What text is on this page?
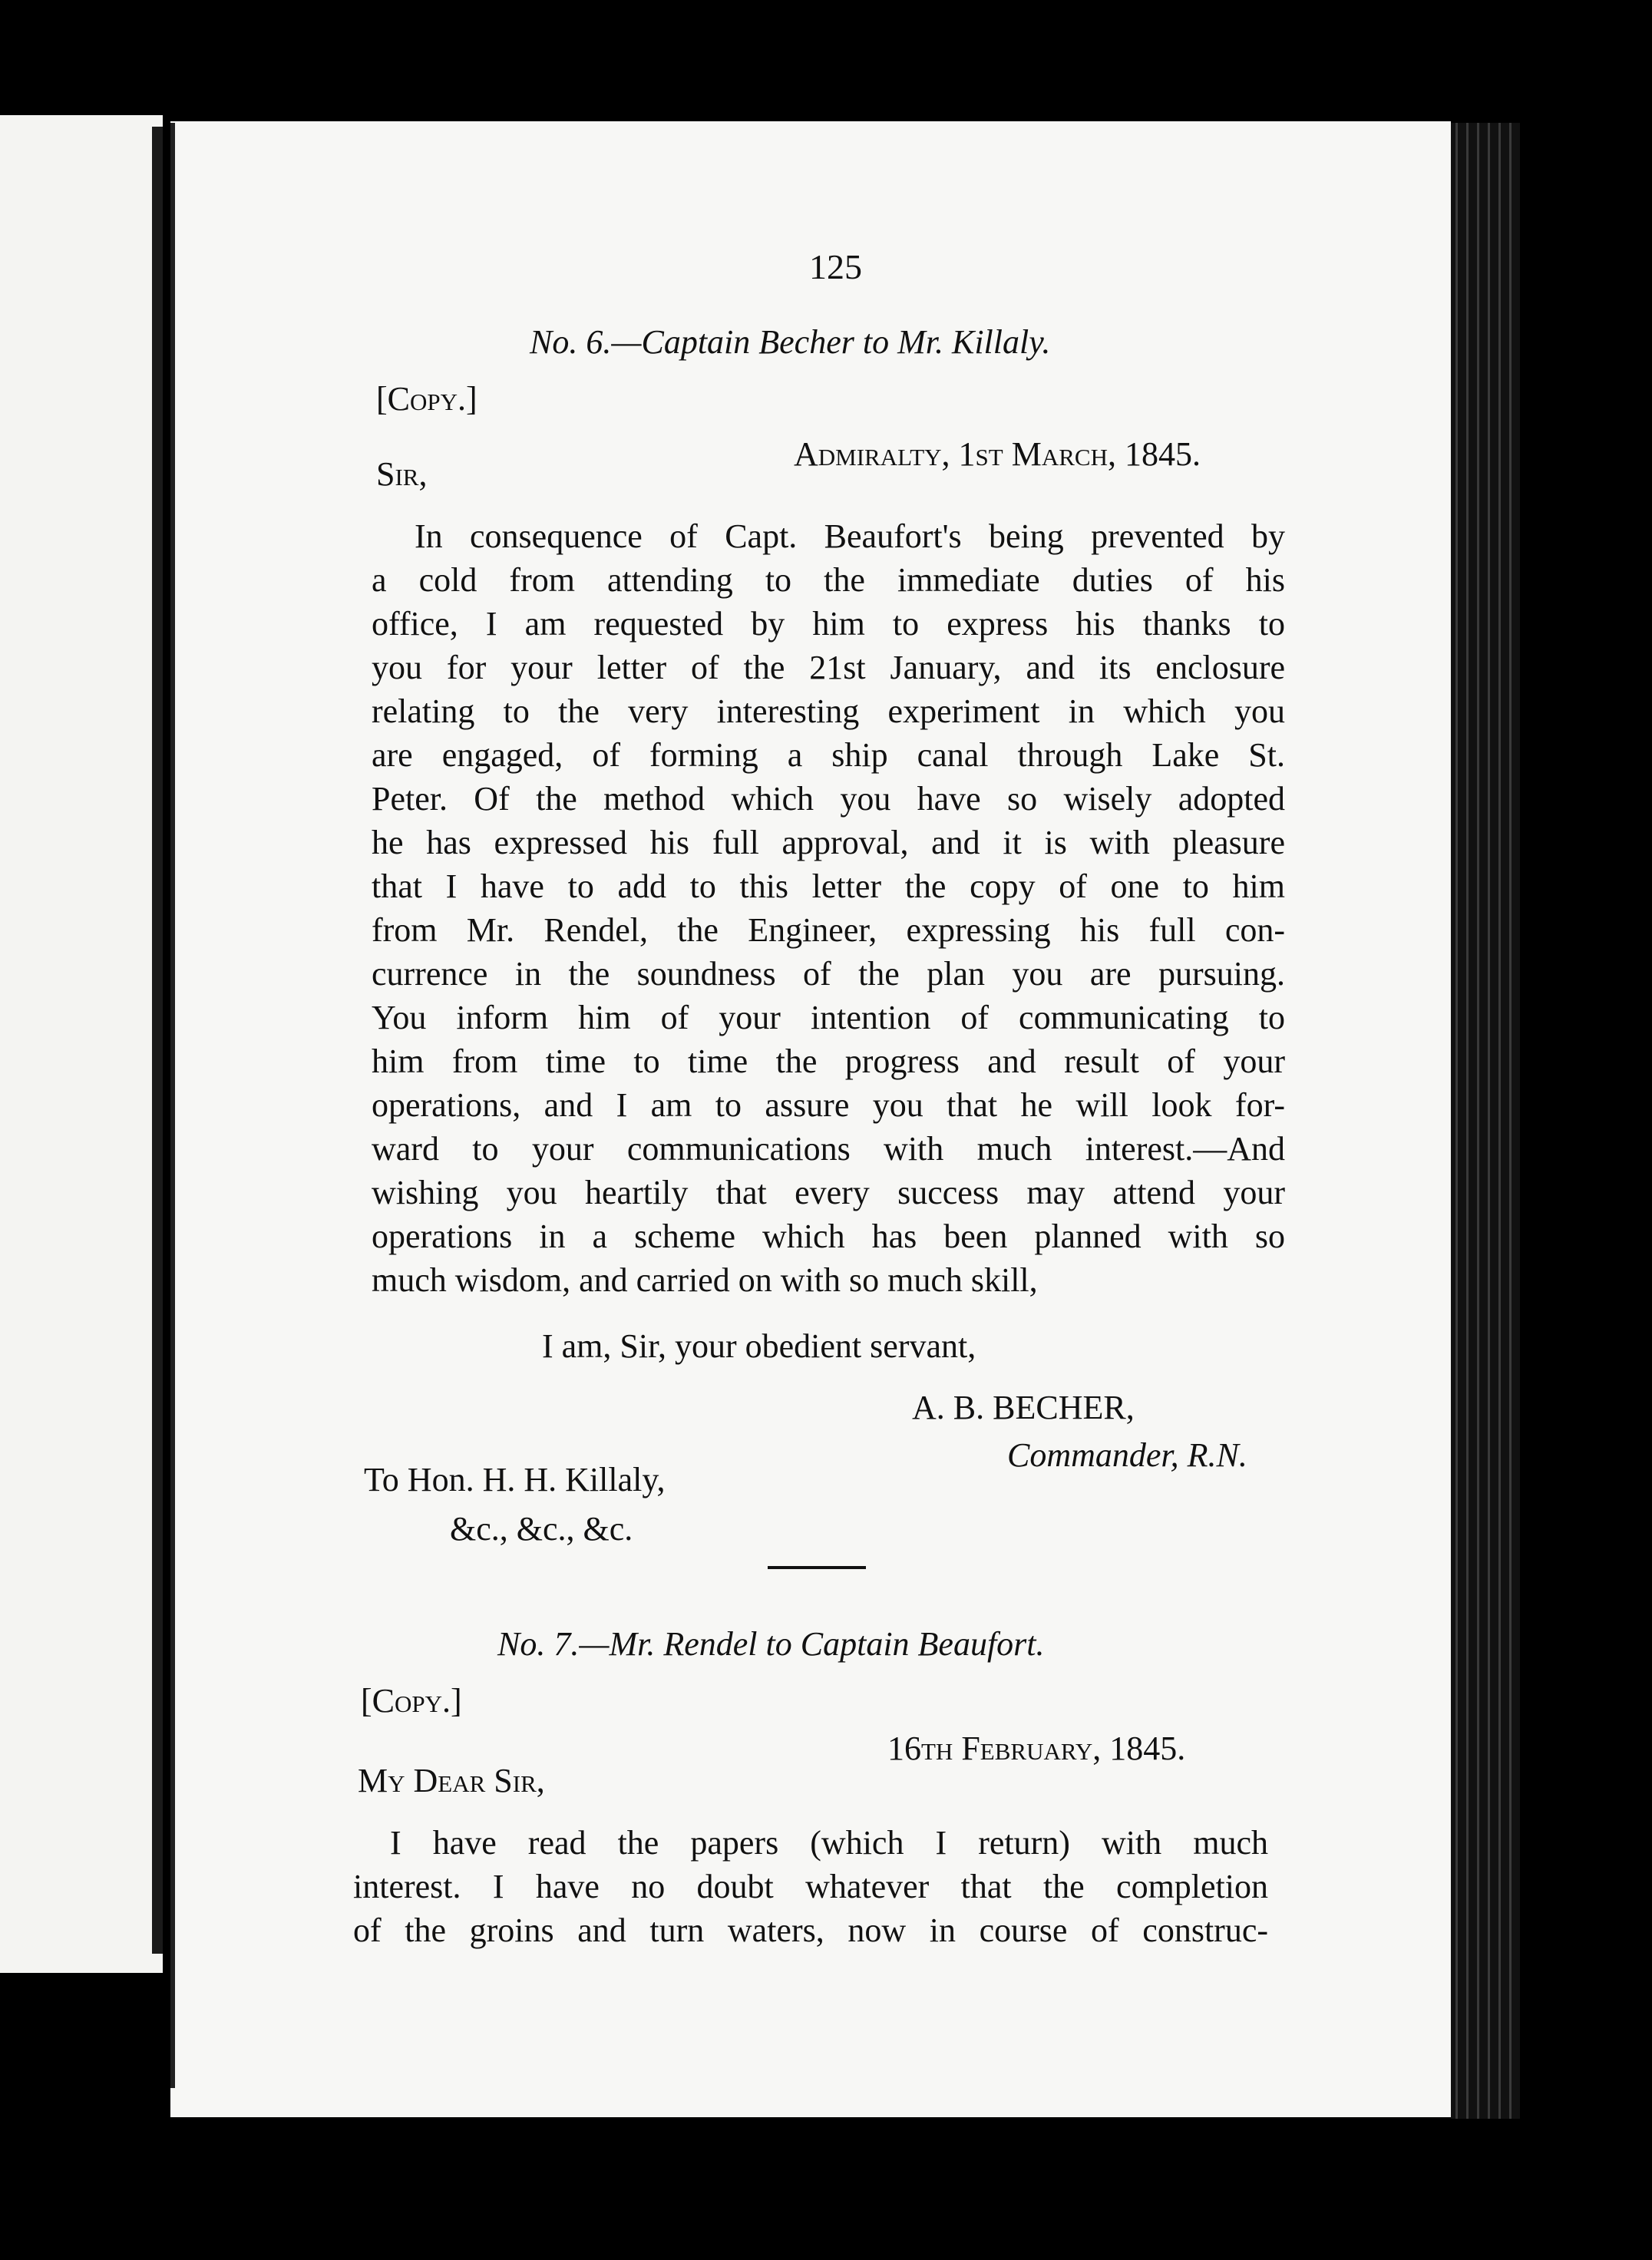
125
No. 6.—Captain Becher to Mr. Killaly.
[Copy.]
Admiralty, 1st March, 1845.
Sir,
In consequence of Capt. Beaufort's being prevented by
a cold from attending to the immediate duties of his
office, I am requested by him to express his thanks to
you for your letter of the 21st January, and its enclosure
relating to the very interesting experiment in which you
are engaged, of forming a ship canal through Lake St.
Peter. Of the method which you have so wisely adopted
he has expressed his full approval, and it is with pleasure
that I have to add to this letter the copy of one to him
from Mr. Rendel, the Engineer, expressing his full con-
currence in the soundness of the plan you are pursuing.
You inform him of your intention of communicating to
him from time to time the progress and result of your
operations, and I am to assure you that he will look for-
ward to your communications with much interest.—And
wishing you heartily that every success may attend your
operations in a scheme which has been planned with so
much wisdom, and carried on with so much skill,
I am, Sir, your obedient servant,
A. B. BECHER,
Commander, R.N.
To Hon. H. H. Killaly,
&c., &c., &c.
No. 7.—Mr. Rendel to Captain Beaufort.
[Copy.]
16th February, 1845.
My Dear Sir,
I have read the papers (which I return) with much
interest. I have no doubt whatever that the completion
of the groins and turn waters, now in course of construc-
